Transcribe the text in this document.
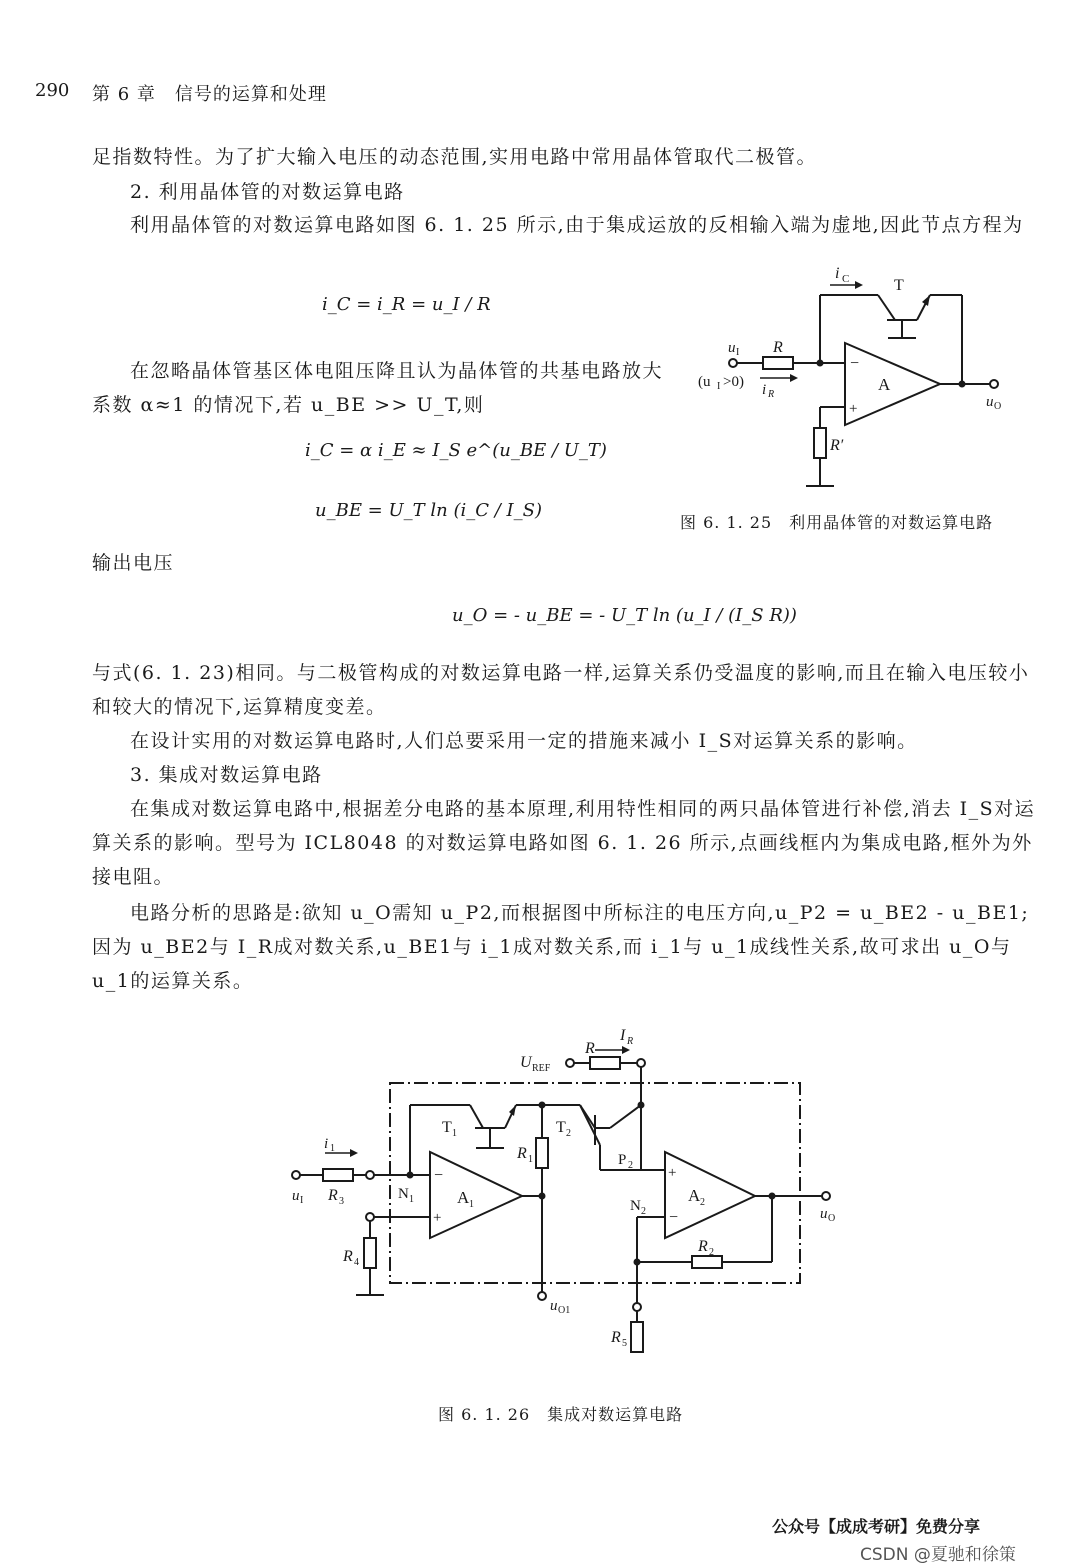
290 第 6 章　信号的运算和处理
足指数特性。为了扩大输入电压的动态范围,实用电路中常用晶体管取代二极管。
2. 利用晶体管的对数运算电路
利用晶体管的对数运算电路如图 6. 1. 25 所示,由于集成运放的反相输入端为虚地,因此节点方程为
i_C = i_R = u_I / R
在忽略晶体管基区体电阻压降且认为晶体管的共基电路放大系数 α≈1 的情况下,若 u_BE >> U_T,则
i_C = α i_E ≈ I_S e^(u_BE / U_T)
u_BE = U_T ln (i_C / I_S)
输出电压
u_O = - u_BE = - U_T ln (u_I / (I_S R))
与式(6. 1. 23)相同。与二极管构成的对数运算电路一样,运算关系仍受温度的影响,而且在输入电压较小和较大的情况下,运算精度变差。
在设计实用的对数运算电路时,人们总要采用一定的措施来减小 I_S对运算关系的影响。
3. 集成对数运算电路
在集成对数运算电路中,根据差分电路的基本原理,利用特性相同的两只晶体管进行补偿,消去 I_S对运算关系的影响。型号为 ICL8048 的对数运算电路如图 6. 1. 26 所示,点画线框内为集成电路,框外为外接电阻。
电路分析的思路是:欲知 u_O需知 u_P2,而根据图中所标注的电压方向,u_P2 = u_BE2 - u_BE1;因为 u_BE2与 I_R成对数关系,u_BE1与 i_1成对数关系,而 i_1与 u_1成线性关系,故可求出 u_O与 u_1的运算关系。
i C	T
u I
(u I >0)
R
i R
A
−
+	u O
R′
图 6. 1. 25　利用晶体管的对数运算电路
U REF
R
I R
T 1	T 2
R 1
i 1
u I R 3	N 1	A 1
−
+
P 2
N 2
A 2
+
−	u O
R 2
R 4
u O1
R 5
图 6. 1. 26　集成对数运算电路
公众号【成成考研】免费分享
CSDN @夏驰和徐策
